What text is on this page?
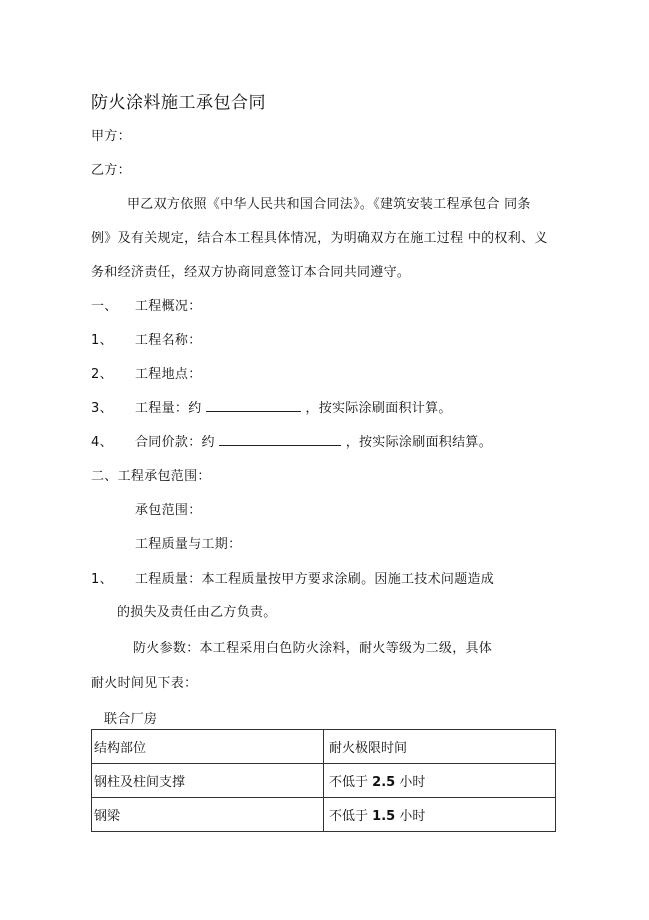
防火涂料施工承包合同
甲方：
乙方：
甲乙双方依照《中华人民共和国合同法》。《建筑安装工程承包合 同条
例》及有关规定，结合本工程具体情况，为明确双方在施工过程 中的权利、义
务和经济责任，经双方协商同意签订本合同共同遵守。
一、 工程概况：
1、 工程名称：
2、 工程地点：
3、 工程量：约	，按实际涂刷面积计算。
4、 合同价款：约	，按实际涂刷面积结算。
二、工程承包范围：
承包范围：
工程质量与工期：
1、 工程质量：本工程质量按甲方要求涂刷。因施工技术问题造成
的损失及责任由乙方负责。
防火参数：本工程采用白色防火涂料，耐火等级为二级，具体
耐火时间见下表：
联合厂房
结构部位	耐火极限时间
钢柱及柱间支撑	不低于 2.5 小时
钢梁	不低于 1.5 小时
